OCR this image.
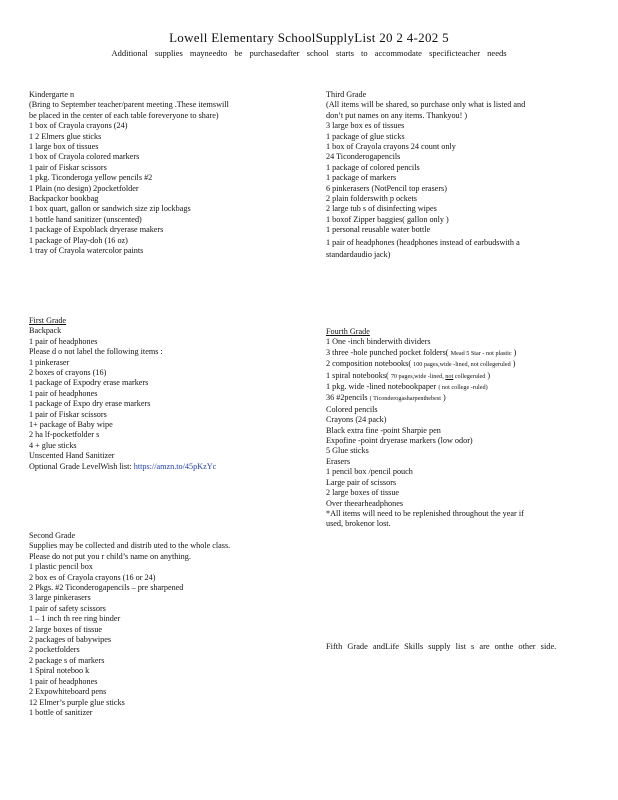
Lowell Elementary SchoolSupplyList 20 2 4-202 5
Additional supplies mayneedto be purchasedafter school starts to accommodate specificteacher needs
Kindergarte n
(Bring to September teacher/parent meeting .These itemswill
be placed in the center of each table foreveryone to share)
1 box of Crayola crayons (24)
1 2 Elmers glue sticks
1 large box of tissues
1 box of Crayola colored markers
1 pair of Fiskar scissors
1 pkg. Ticonderoga yellow pencils #2
1 Plain (no design) 2pocketfolder
Backpackor bookbag
1 box quart, gallon or sandwich size zip lockbags
1 bottle hand sanitizer (unscented)
1 package of Expoblack dryerase makers
1 package of Play-doh (16 oz)
1 tray of Crayola watercolor paints
First Grade
Backpack
1 pair of headphones
Please d o not label the following items :
1 pinkeraser
2 boxes of crayons (16)
1 package of Expodry erase markers
1 pair of headphones
1 package of Expo dry erase markers
1 pair of Fiskar scissors
1+ package of Baby wipe
2 ha lf-pocketfolder s
4 + glue sticks
Unscented Hand Sanitizer
Optional Grade LevelWish list: https://amzn.to/45pKzYc
Second Grade
Supplies may be collected and distrib uted to the whole class.
Please do not put you r child’s name on anything.
1 plastic pencil box
2 box es of Crayola crayons (16 or 24)
2 Pkgs. #2 Ticonderogapencils – pre sharpened
3 large pinkerasers
1 pair of safety scissors
1 – 1 inch th ree ring binder
2 large boxes of tissue
2 packages of babywipes
2 pocketfolders
2 package s of markers
1 Spiral noteboo k
1 pair of headphones
2 Expowhiteboard pens
12 Elmer’s purple glue sticks
1 bottle of sanitizer
Third Grade
(All items will be shared, so purchase only what is listed and
don’t put names on any items. Thankyou! )
3 large box es of tissues
1 package of glue sticks
1 box of Crayola crayons 24 count only
24 Ticonderogapencils
1 package of colored pencils
1 package of markers
6 pinkerasers (NotPencil top erasers)
2 plain folderswith p ockets
2 large tub s of disinfecting wipes
1 boxof Zipper baggies( gallon only )
1 personal reusable water bottle
1 pair of headphones (headphones instead of earbudswith a
standardaudio jack)
Fourth Grade
1 One -inch binderwith dividers
3 three -hole punched pocket folders( Mead 5 Star - not plastic )
2 composition notebooks( 100 pages,wide -lined, not collegeruled )
1 spiral notebooks( 70 pages,wide -lined, not collegeruled )
1 pkg. wide -lined notebookpaper ( not college -ruled)
36 #2pencils ( Ticonderogasharpenthebest )
Colored pencils
Crayons (24 pack)
Black extra fine -point Sharpie pen
Expofine -point dryerase markers (low odor)
5 Glue sticks
Erasers
1 pencil box /pencil pouch
Large pair of scissors
2 large boxes of tissue
Over theearheadphones
*All items will need to be replenished throughout the year if
used, brokenor lost.
Fifth Grade andLife Skills supply list s are onthe other side.
